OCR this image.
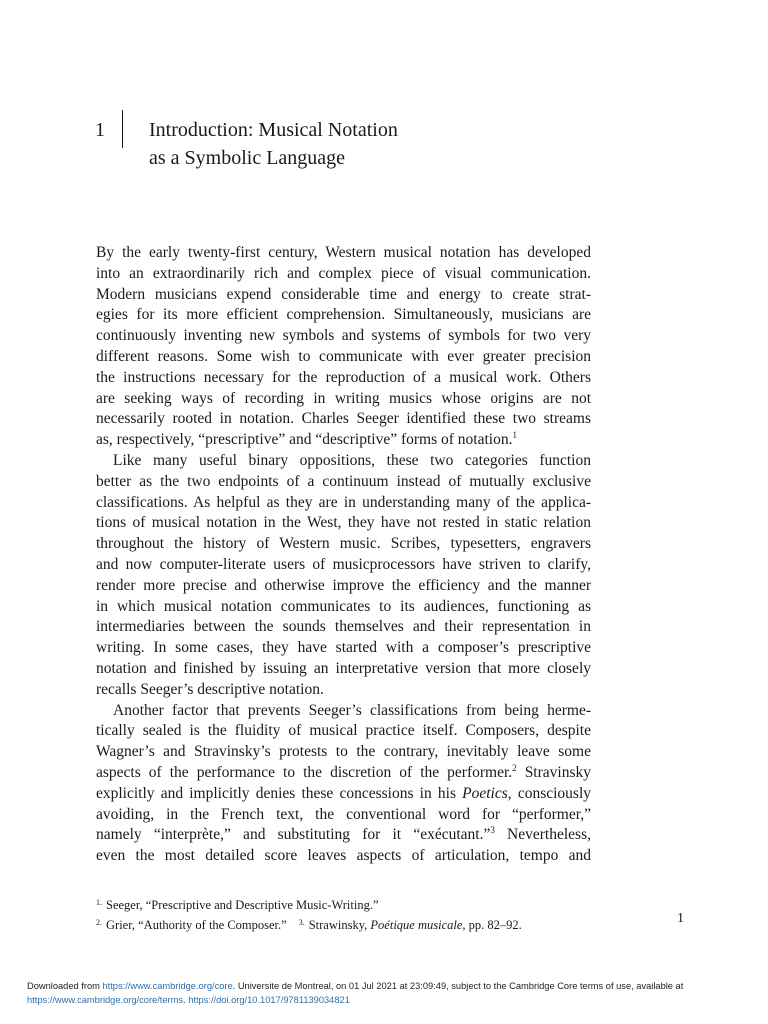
1 Introduction: Musical Notation
as a Symbolic Language
By the early twenty-first century, Western musical notation has developed
into an extraordinarily rich and complex piece of visual communication.
Modern musicians expend considerable time and energy to create strat-
egies for its more efficient comprehension. Simultaneously, musicians are
continuously inventing new symbols and systems of symbols for two very
different reasons. Some wish to communicate with ever greater precision
the instructions necessary for the reproduction of a musical work. Others
are seeking ways of recording in writing musics whose origins are not
necessarily rooted in notation. Charles Seeger identified these two streams
as, respectively, “prescriptive” and “descriptive” forms of notation.$^1$
Like many useful binary oppositions, these two categories function
better as the two endpoints of a continuum instead of mutually exclusive
classifications. As helpful as they are in understanding many of the applica-
tions of musical notation in the West, they have not rested in static relation
throughout the history of Western music. Scribes, typesetters, engravers
and now computer-literate users of musicprocessors have striven to clarify,
render more precise and otherwise improve the efficiency and the manner
in which musical notation communicates to its audiences, functioning as
intermediaries between the sounds themselves and their representation in
writing. In some cases, they have started with a composer’s prescriptive
notation and finished by issuing an interpretative version that more closely
recalls Seeger’s descriptive notation.
Another factor that prevents Seeger’s classifications from being herme-
tically sealed is the fluidity of musical practice itself. Composers, despite
Wagner’s and Stravinsky’s protests to the contrary, inevitably leave some
aspects of the performance to the discretion of the performer.$^2$ Stravinsky
explicitly and implicitly denies these concessions in his Poetics, consciously
avoiding, in the French text, the conventional word for “performer,”
namely “interprète,” and substituting for it “exécutant.”$^3$ Nevertheless,
even the most detailed score leaves aspects of articulation, tempo and
$^{1.}$ Seeger, “Prescriptive and Descriptive Music-Writing.”
$^{2.}$ Grier, “Authority of the Composer.” $^{3.}$ Strawinsky, Poétique musicale, pp. 82–92.	1
Downloaded from https://www.cambridge.org/core. Universite de Montreal, on 01 Jul 2021 at 23:09:49, subject to the Cambridge Core terms of use, available at
https://www.cambridge.org/core/terms. https://doi.org/10.1017/9781139034821
